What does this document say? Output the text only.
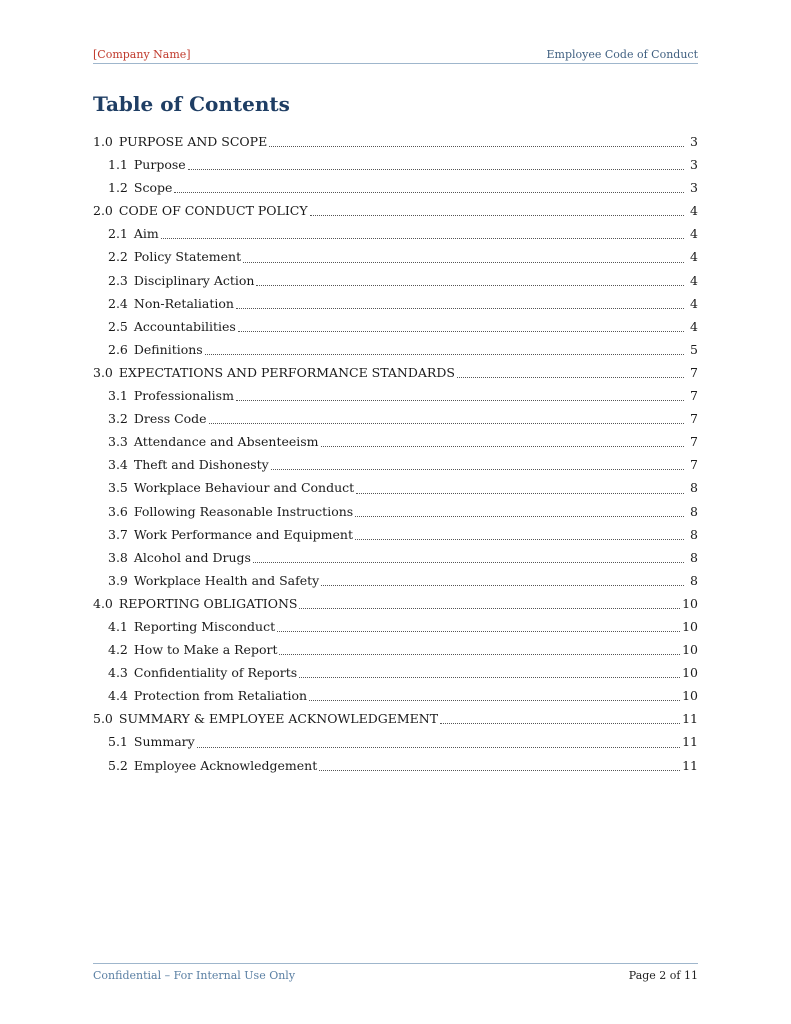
[Company Name]	Employee Code of Conduct
Table of Contents
1.0 PURPOSE AND SCOPE	3
1.1 Purpose	3
1.2 Scope	3
2.0 CODE OF CONDUCT POLICY	4
2.1 Aim	4
2.2 Policy Statement	4
2.3 Disciplinary Action	4
2.4 Non-Retaliation	4
2.5 Accountabilities	4
2.6 Definitions	5
3.0 EXPECTATIONS AND PERFORMANCE STANDARDS	7
3.1 Professionalism	7
3.2 Dress Code	7
3.3 Attendance and Absenteeism	7
3.4 Theft and Dishonesty	7
3.5 Workplace Behaviour and Conduct	8
3.6 Following Reasonable Instructions	8
3.7 Work Performance and Equipment	8
3.8 Alcohol and Drugs	8
3.9 Workplace Health and Safety	8
4.0 REPORTING OBLIGATIONS	10
4.1 Reporting Misconduct	10
4.2 How to Make a Report	10
4.3 Confidentiality of Reports	10
4.4 Protection from Retaliation	10
5.0 SUMMARY & EMPLOYEE ACKNOWLEDGEMENT	11
5.1 Summary	11
5.2 Employee Acknowledgement	11
Confidential – For Internal Use Only	Page 2 of 11
